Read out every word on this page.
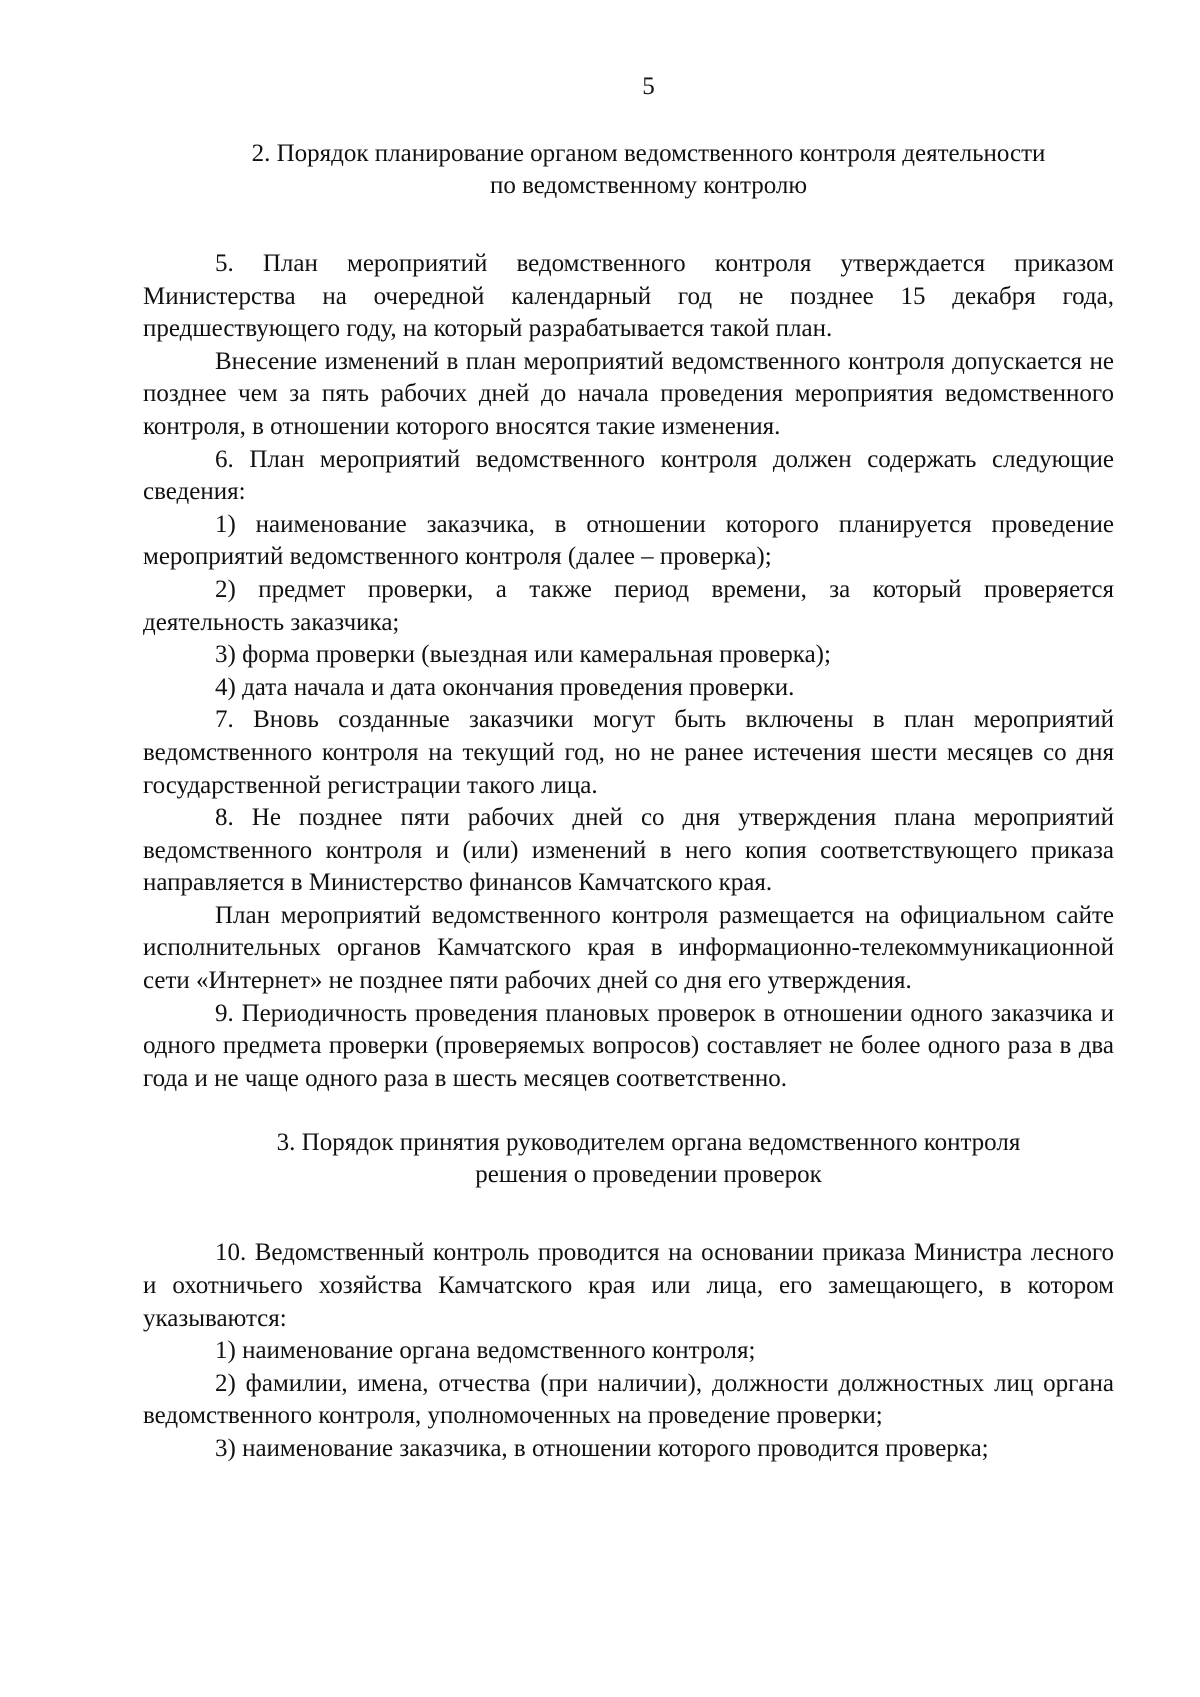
5
2. Порядок планирование органом ведомственного контроля деятельности
по ведомственному контролю

5. План мероприятий ведомственного контроля утверждается приказом Министерства на очередной календарный год не позднее 15 декабря года, предшествующего году, на который разрабатывается такой план.

Внесение изменений в план мероприятий ведомственного контроля допускается не позднее чем за пять рабочих дней до начала проведения мероприятия ведомственного контроля, в отношении которого вносятся такие изменения.

6. План мероприятий ведомственного контроля должен содержать следующие сведения:

1) наименование заказчика, в отношении которого планируется проведение мероприятий ведомственного контроля (далее – проверка);

2) предмет проверки, а также период времени, за который проверяется деятельность заказчика;

3) форма проверки (выездная или камеральная проверка);

4) дата начала и дата окончания проведения проверки.

7. Вновь созданные заказчики могут быть включены в план мероприятий ведомственного контроля на текущий год, но не ранее истечения шести месяцев со дня государственной регистрации такого лица.

8. Не позднее пяти рабочих дней со дня утверждения плана мероприятий ведомственного контроля и (или) изменений в него копия соответствующего приказа направляется в Министерство финансов Камчатского края.

План мероприятий ведомственного контроля размещается на официальном сайте исполнительных органов Камчатского края в информационно-телекоммуникационной сети «Интернет» не позднее пяти рабочих дней со дня его утверждения.

9. Периодичность проведения плановых проверок в отношении одного заказчика и одного предмета проверки (проверяемых вопросов) составляет не более одного раза в два года и не чаще одного раза в шесть месяцев соответственно.

3. Порядок принятия руководителем органа ведомственного контроля
решения о проведении проверок

10. Ведомственный контроль проводится на основании приказа Министра лесного и охотничьего хозяйства Камчатского края или лица, его замещающего, в котором указываются:

1) наименование органа ведомственного контроля;

2) фамилии, имена, отчества (при наличии), должности должностных лиц органа ведомственного контроля, уполномоченных на проведение проверки;

3) наименование заказчика, в отношении которого проводится проверка;
